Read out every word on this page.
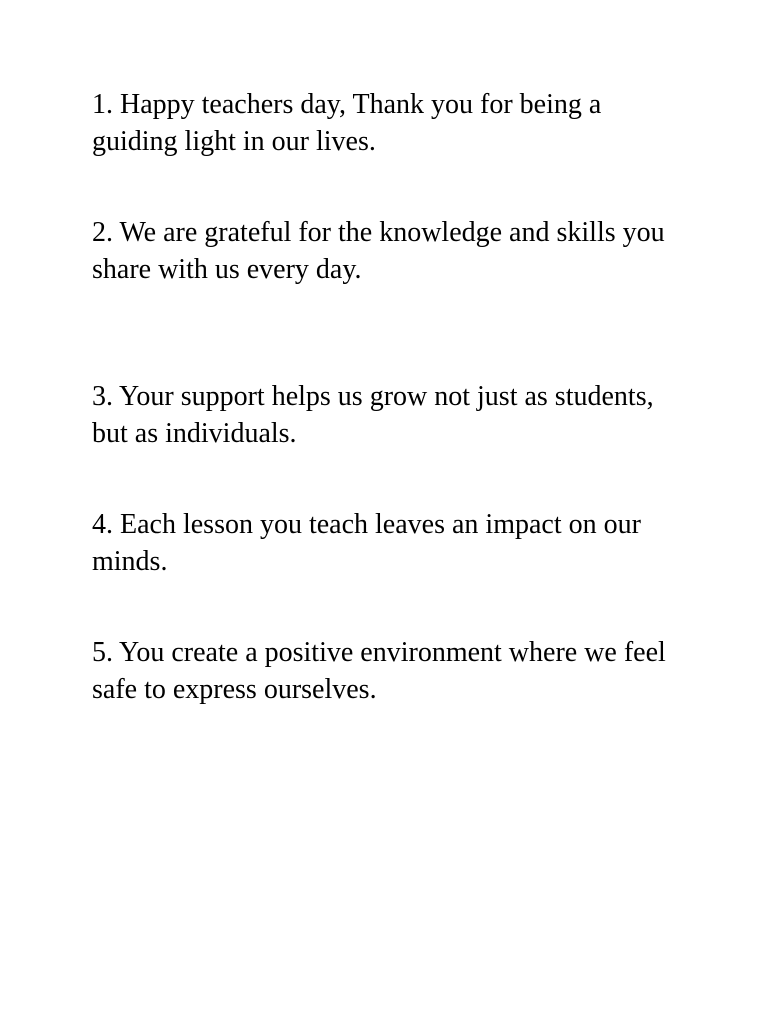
1. Happy teachers day, Thank you for being a guiding light in our lives.

2. We are grateful for the knowledge and skills you share with us every day.

3. Your support helps us grow not just as students, but as individuals.

4. Each lesson you teach leaves an impact on our minds.

5. You create a positive environment where we feel safe to express ourselves.
